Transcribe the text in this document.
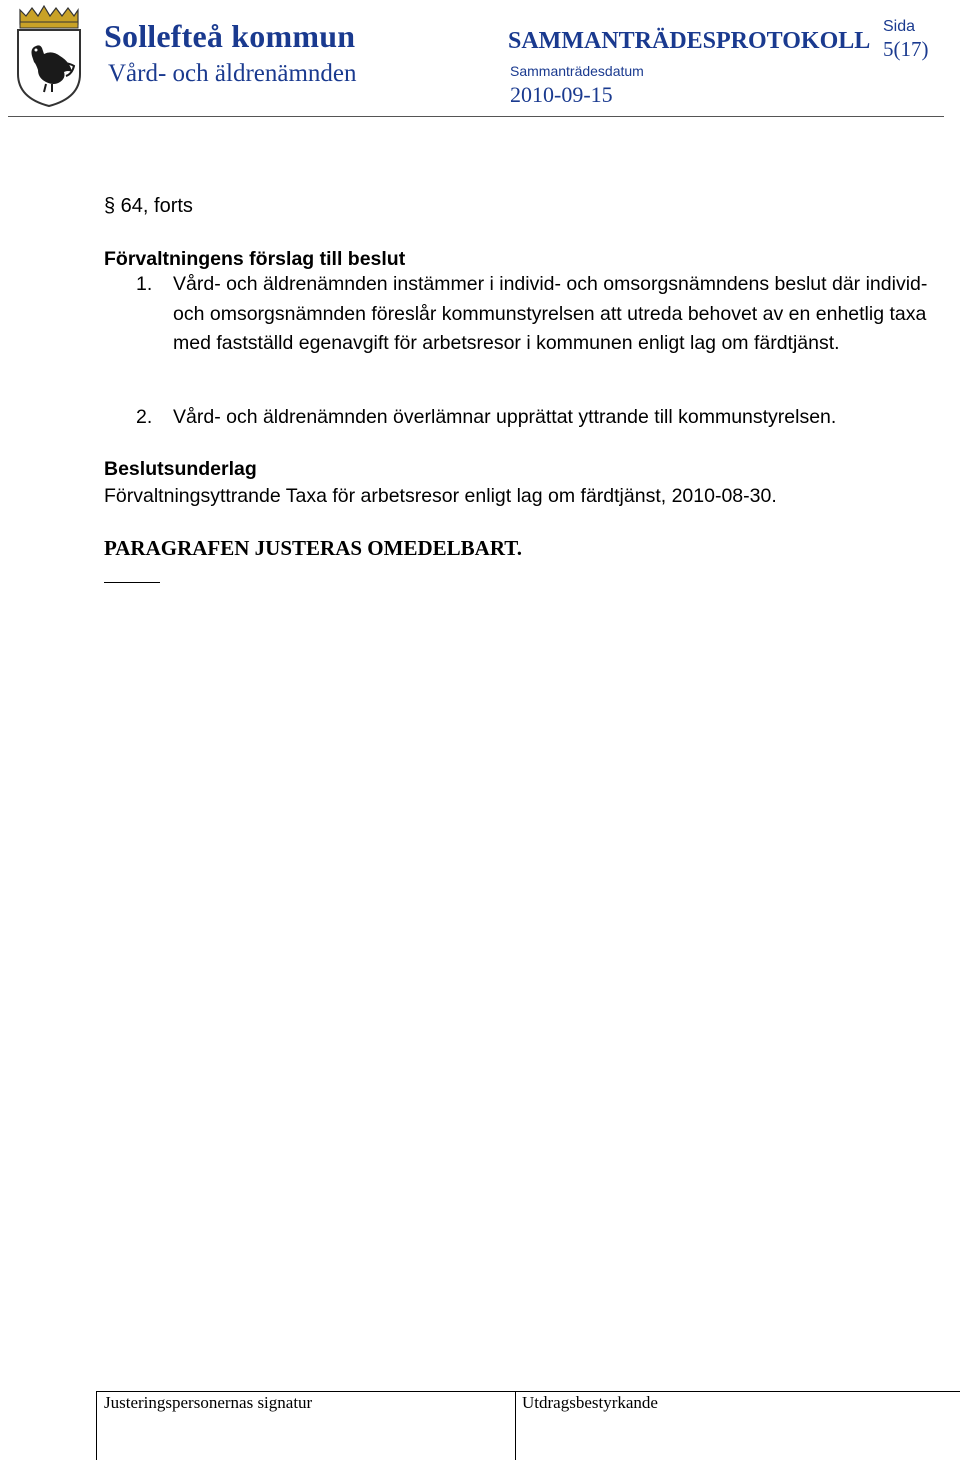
Sollefteå kommun
Vård- och äldrenämnden
SAMMANTRÄDESPROTOKOLL
Sammanträdesdatum
2010-09-15
Sida
5(17)
§ 64, forts
Förvaltningens förslag till beslut
1. Vård- och äldrenämnden instämmer i individ- och omsorgsnämndens beslut där individ- och omsorgsnämnden föreslår kommunstyrelsen att utreda behovet av en enhetlig taxa med fastställd egenavgift för arbetsresor i kommunen enligt lag om färdtjänst.
2. Vård- och äldrenämnden överlämnar upprättat yttrande till kommunstyrelsen.
Beslutsunderlag
Förvaltningsyttrande Taxa för arbetsresor enligt lag om färdtjänst, 2010-08-30.
PARAGRAFEN JUSTERAS OMEDELBART.
Justeringspersonernas signatur	Utdragsbestyrkande
